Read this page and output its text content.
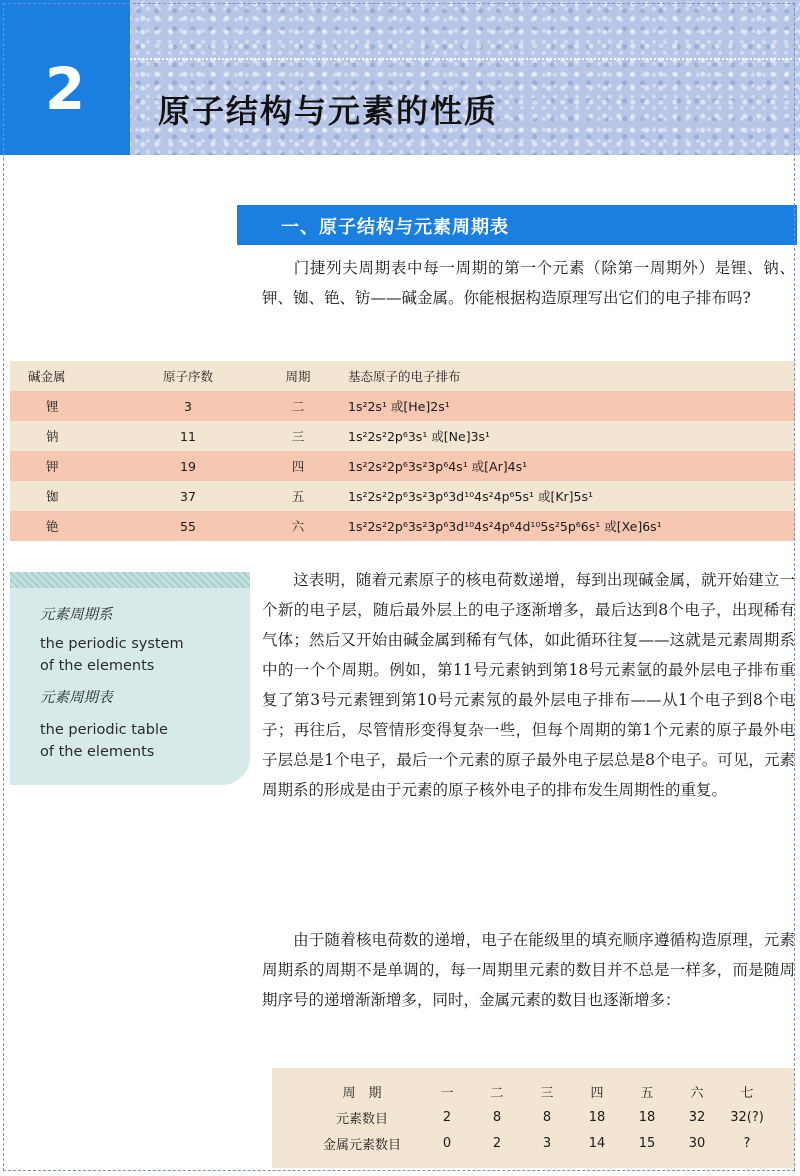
2	原子结构与元素的性质
一、原子结构与元素周期表
门捷列夫周期表中每一周期的第一个元素（除第一周期外）是锂、钠、钾、铷、铯、钫——碱金属。你能根据构造原理写出它们的电子排布吗?
碱金属	原子序数	周期	基态原子的电子排布
锂	3	二	1s²2s¹ 或[He]2s¹
钠	11	三	1s²2s²2p⁶3s¹ 或[Ne]3s¹
钾	19	四	1s²2s²2p⁶3s²3p⁶4s¹ 或[Ar]4s¹
铷	37	五	1s²2s²2p⁶3s²3p⁶3d¹⁰4s²4p⁶5s¹ 或[Kr]5s¹
铯	55	六	1s²2s²2p⁶3s²3p⁶3d¹⁰4s²4p⁶4d¹⁰5s²5p⁶6s¹ 或[Xe]6s¹
元素周期系
the periodic system
of the elements
元素周期表
the periodic table
of the elements
这表明，随着元素原子的核电荷数递增，每到出现碱金属，就开始建立一个新的电子层，随后最外层上的电子逐渐增多，最后达到8个电子，出现稀有气体；然后又开始由碱金属到稀有气体，如此循环往复——这就是元素周期系中的一个个周期。例如，第11号元素钠到第18号元素氩的最外层电子排布重复了第3号元素锂到第10号元素氖的最外层电子排布——从1个电子到8个电子；再往后，尽管情形变得复杂一些，但每个周期的第1个元素的原子最外电子层总是1个电子，最后一个元素的原子最外电子层总是8个电子。可见，元素周期系的形成是由于元素的原子核外电子的排布发生周期性的重复。
由于随着核电荷数的递增，电子在能级里的填充顺序遵循构造原理，元素周期系的周期不是单调的，每一周期里元素的数目并不总是一样多，而是随周期序号的递增渐渐增多，同时，金属元素的数目也逐渐增多：
周　期	一	二	三	四	五	六	七
元素数目	2	8	8	18	18	32	32(?)
金属元素数目	0	2	3	14	15	30	?
